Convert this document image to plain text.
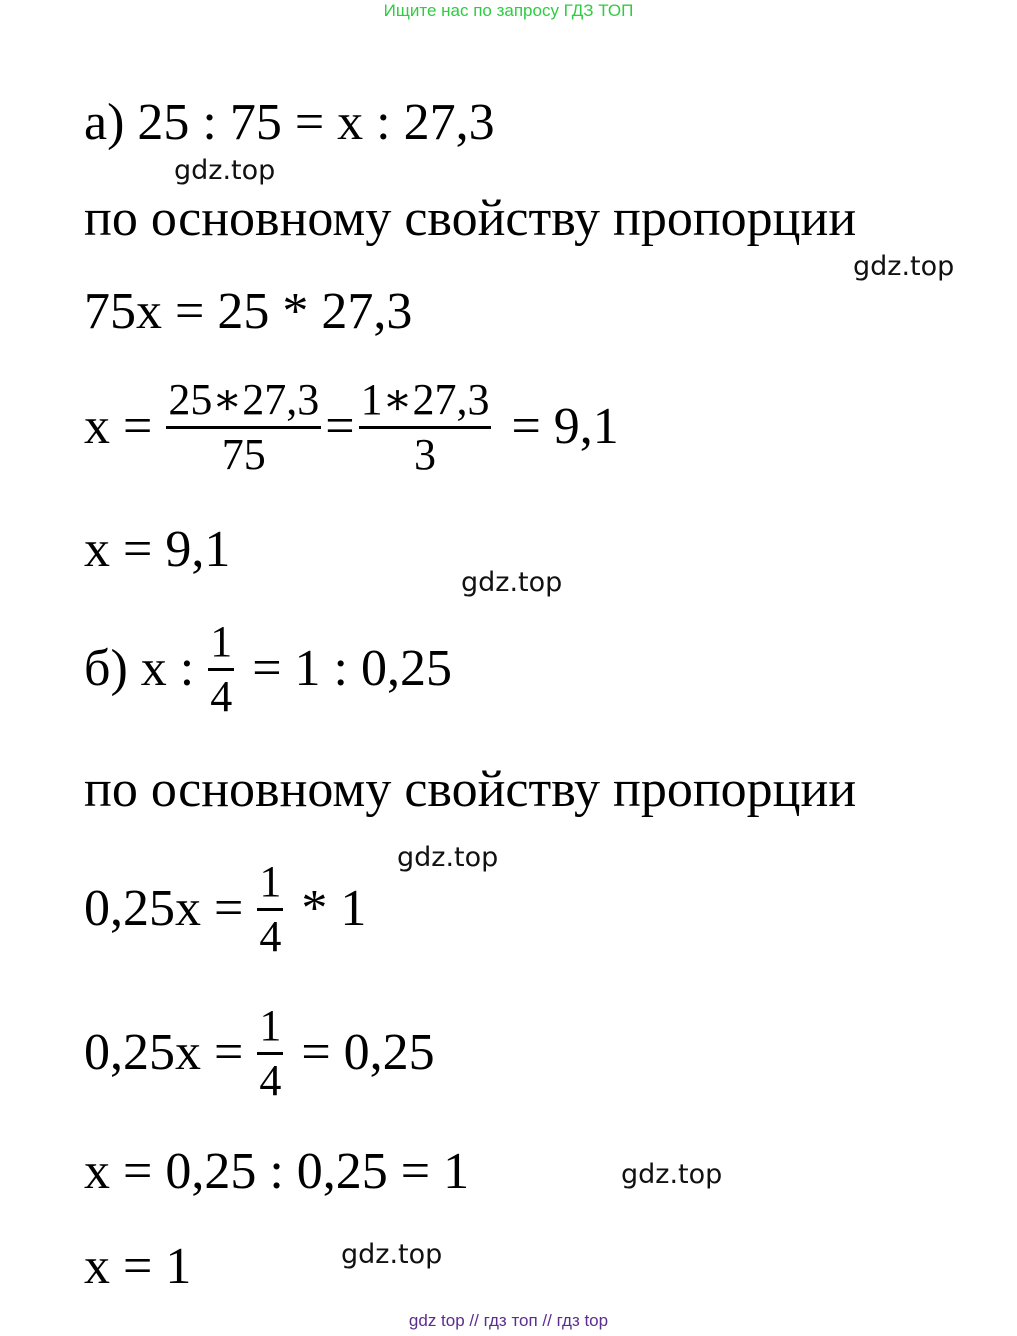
Ищите нас по запросу ГДЗ ТОП
gdz.top
gdz.top
gdz.top
gdz.top
gdz.top
gdz.top
а) 25 : 75 = x : 27,3
по основному свойству пропорции
75x = 25 * 27,3
$x = \frac{25∗27,3}{75} = \frac{1∗27,3}{3} = 9,1$
x = 9,1
б) x : $\frac{1}{4} = 1$ : 0,25
по основному свойству пропорции
$0,25x = \frac{1}{4} * 1$
$0,25x = \frac{1}{4} = 0,25$
x = 0,25 : 0,25 = 1
x = 1
gdz top // гдз топ // гдз top
